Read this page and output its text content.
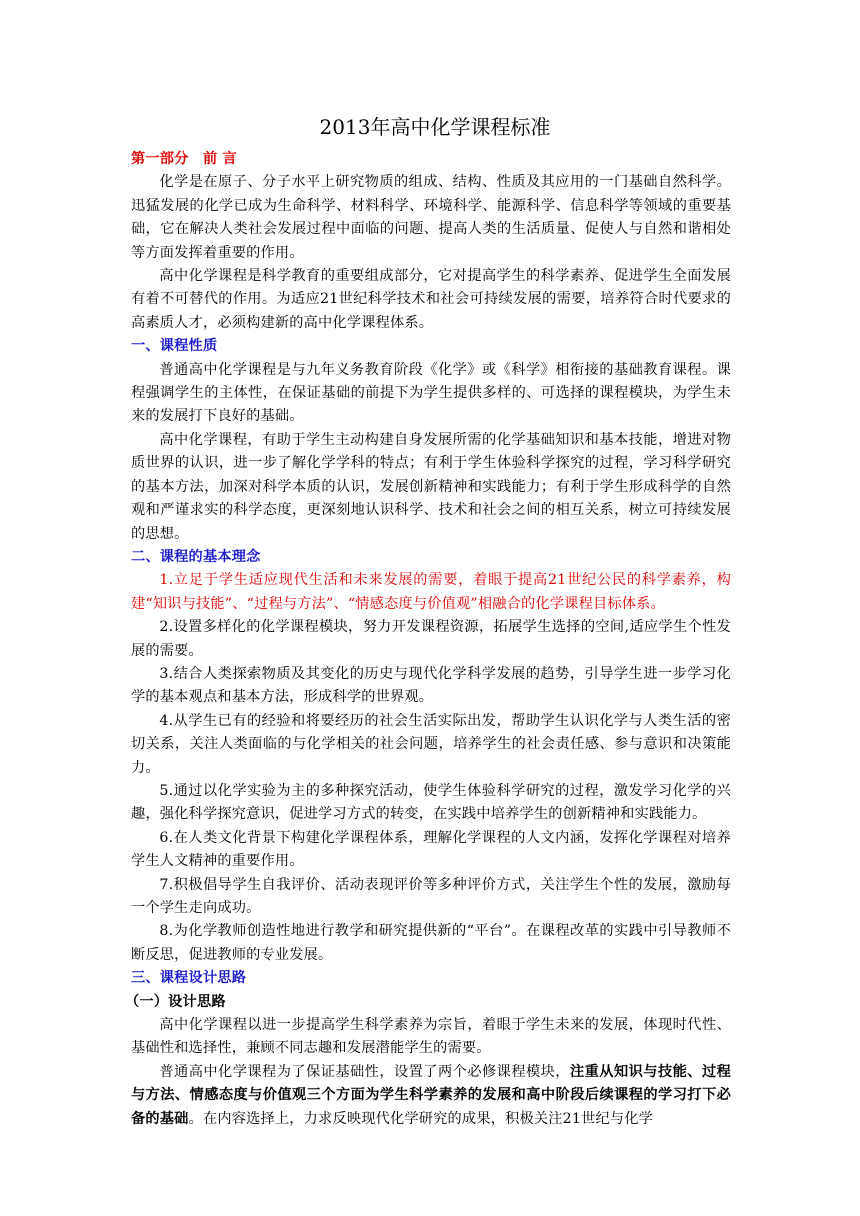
2013年高中化学课程标准
第一部分　前 言

化学是在原子、分子水平上研究物质的组成、结构、性质及其应用的一门基础自然科学。迅猛发展的化学已成为生命科学、材料科学、环境科学、能源科学、信息科学等领域的重要基础，它在解决人类社会发展过程中面临的问题、提高人类的生活质量、促使人与自然和谐相处等方面发挥着重要的作用。

高中化学课程是科学教育的重要组成部分，它对提高学生的科学素养、促进学生全面发展有着不可替代的作用。为适应21世纪科学技术和社会可持续发展的需要，培养符合时代要求的高素质人才，必须构建新的高中化学课程体系。

一、课程性质

普通高中化学课程是与九年义务教育阶段《化学》或《科学》相衔接的基础教育课程。课程强调学生的主体性，在保证基础的前提下为学生提供多样的、可选择的课程模块，为学生未来的发展打下良好的基础。

高中化学课程，有助于学生主动构建自身发展所需的化学基础知识和基本技能，增进对物质世界的认识，进一步了解化学学科的特点；有利于学生体验科学探究的过程，学习科学研究的基本方法，加深对科学本质的认识，发展创新精神和实践能力；有利于学生形成科学的自然观和严谨求实的科学态度，更深刻地认识科学、技术和社会之间的相互关系，树立可持续发展的思想。

二、课程的基本理念

1.立足于学生适应现代生活和未来发展的需要，着眼于提高21世纪公民的科学素养，构建“知识与技能”、“过程与方法”、“情感态度与价值观”相融合的化学课程目标体系。

2.设置多样化的化学课程模块，努力开发课程资源，拓展学生选择的空间,适应学生个性发展的需要。

3.结合人类探索物质及其变化的历史与现代化学科学发展的趋势，引导学生进一步学习化学的基本观点和基本方法，形成科学的世界观。

4.从学生已有的经验和将要经历的社会生活实际出发，帮助学生认识化学与人类生活的密切关系，关注人类面临的与化学相关的社会问题，培养学生的社会责任感、参与意识和决策能力。

5.通过以化学实验为主的多种探究活动，使学生体验科学研究的过程，激发学习化学的兴趣，强化科学探究意识，促进学习方式的转变，在实践中培养学生的创新精神和实践能力。

6.在人类文化背景下构建化学课程体系，理解化学课程的人文内涵，发挥化学课程对培养学生人文精神的重要作用。

7.积极倡导学生自我评价、活动表现评价等多种评价方式，关注学生个性的发展，激励每一个学生走向成功。

8.为化学教师创造性地进行教学和研究提供新的“平台”。在课程改革的实践中引导教师不断反思，促进教师的专业发展。

三、课程设计思路
（一）设计思路

高中化学课程以进一步提高学生科学素养为宗旨，着眼于学生未来的发展，体现时代性、基础性和选择性，兼顾不同志趣和发展潜能学生的需要。

普通高中化学课程为了保证基础性，设置了两个必修课程模块，注重从知识与技能、过程与方法、情感态度与价值观三个方面为学生科学素养的发展和高中阶段后续课程的学习打下必备的基础。在内容选择上，力求反映现代化学研究的成果，积极关注21世纪与化学
